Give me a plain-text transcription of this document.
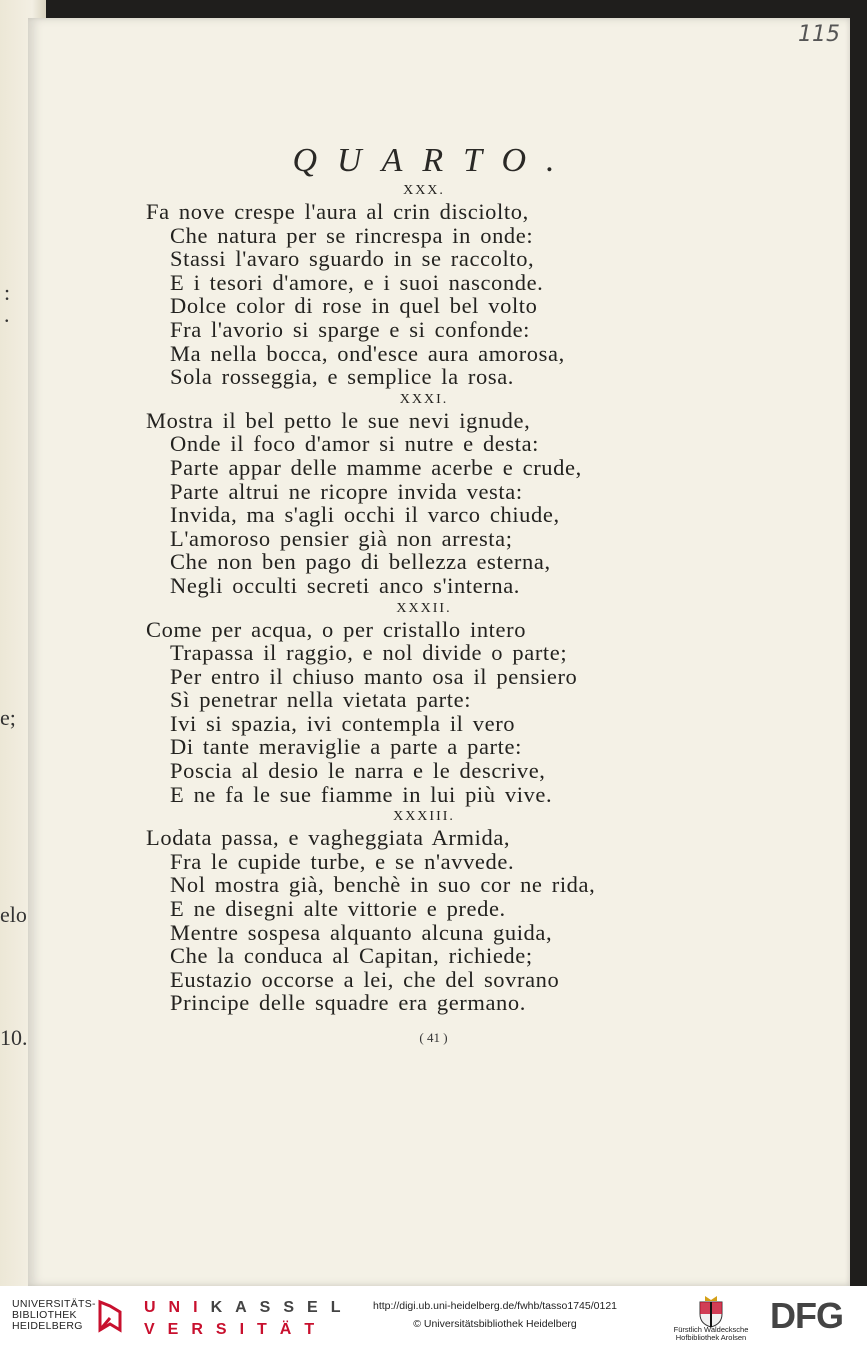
:
.
e;
elo
10.
115
QUARTO.
XXX.
Fa nove crespe l'aura al crin disciolto,
Che natura per se rincrespa in onde:
Stassi l'avaro sguardo in se raccolto,
E i tesori d'amore, e i suoi nasconde.
Dolce color di rose in quel bel volto
Fra l'avorio si sparge e si confonde:
Ma nella bocca, ond'esce aura amorosa,
Sola rosseggia, e semplice la rosa.
XXXI.
Mostra il bel petto le sue nevi ignude,
Onde il foco d'amor si nutre e desta:
Parte appar delle mamme acerbe e crude,
Parte altrui ne ricopre invida vesta:
Invida, ma s'agli occhi il varco chiude,
L'amoroso pensier già non arresta;
Che non ben pago di bellezza esterna,
Negli occulti secreti anco s'interna.
XXXII.
Come per acqua, o per cristallo intero
Trapassa il raggio, e nol divide o parte;
Per entro il chiuso manto osa il pensiero
Sì penetrar nella vietata parte:
Ivi si spazia, ivi contempla il vero
Di tante meraviglie a parte a parte:
Poscia al desio le narra e le descrive,
E ne fa le sue fiamme in lui più vive.
XXXIII.
Lodata passa, e vagheggiata Armida,
Fra le cupide turbe, e se n'avvede.
Nol mostra già, benchè in suo cor ne rida,
E ne disegni alte vittorie e prede.
Mentre sospesa alquanto alcuna guida,
Che la conduca al Capitan, richiede;
Eustazio occorse a lei, che del sovrano
Principe delle squadre era germano.
( 41 )
UNIVERSITÄTS-
BIBLIOTHEK
HEIDELBERG
UNIKASSEL
VERSITÄT
http://digi.ub.uni-heidelberg.de/fwhb/tasso1745/0121
© Universitätsbibliothek Heidelberg	Fürstlich Waldecksche
Hofbibliothek Arolsen
DFG
